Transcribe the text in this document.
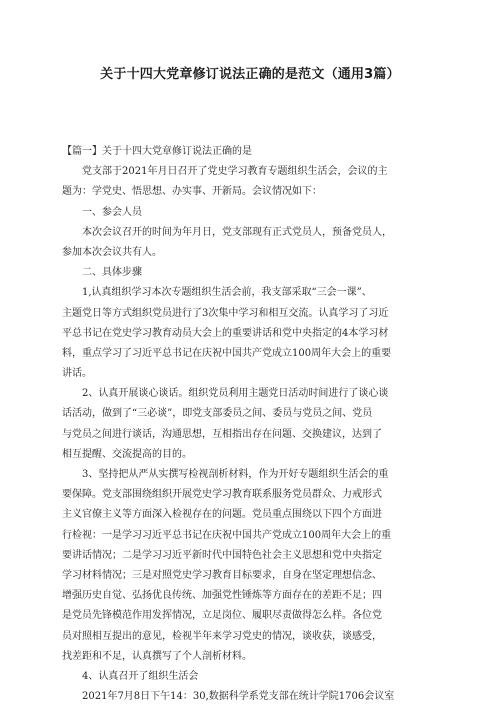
关于十四大党章修订说法正确的是范文（通用3篇）
【篇一】关于十四大党章修订说法正确的是
党支部于2021年月日召开了党史学习教育专题组织生活会，会议的主
题为：学党史、悟思想、办实事、开新局。会议情况如下：
一、参会人员
本次会议召开的时间为年月日，党支部现有正式党员人，预备党员人，
参加本次会议共有人。
二、具体步骤
1,认真组织学习本次专题组织生活会前，我支部采取“三会一课”、
主题党日等方式组织党员进行了3次集中学习和相互交流。认真学习了习近
平总书记在党史学习教育动员大会上的重要讲话和党中央指定的4本学习材
料，重点学习了习近平总书记在庆祝中国共产党成立100周年大会上的重要
讲话。
2、认真开展谈心谈话。组织党员利用主题党日活动时间进行了谈心谈
话活动，做到了“三必谈”，即党支部委员之间、委员与党员之间、党员
与党员之间进行谈话，沟通思想，互相指出存在问题、交换建议，达到了
相互提醒、交流提高的目的。
3、坚持把从严从实撰写检视剖析材料，作为开好专题组织生活会的重
要保障。党支部围绕组织开展党史学习教育联系服务党员群众、力戒形式
主义官僚主义等方面深入检视存在的问题。党员重点围绕以下四个方面进
行检视：一是学习习近平总书记在庆祝中国共产党成立100周年大会上的重
要讲话情况；二是学习习近平新时代中国特色社会主义思想和党中央指定
学习材料情况；三是对照党史学习教育目标要求，自身在坚定理想信念、
增强历史自觉、弘扬优良传统、加强党性锤炼等方面存在的差距不足；四
是党员先锋模范作用发挥情况，立足岗位、履职尽责做得怎么样。各位党
员对照相互提出的意见，检视半年来学习党史的情况，谈收获，谈感受，
找差距和不足，认真撰写了个人剖析材料。
4、认真召开了组织生活会
2021年7月8日下午14：30,数据科学系党支部在统计学院1706会议室
